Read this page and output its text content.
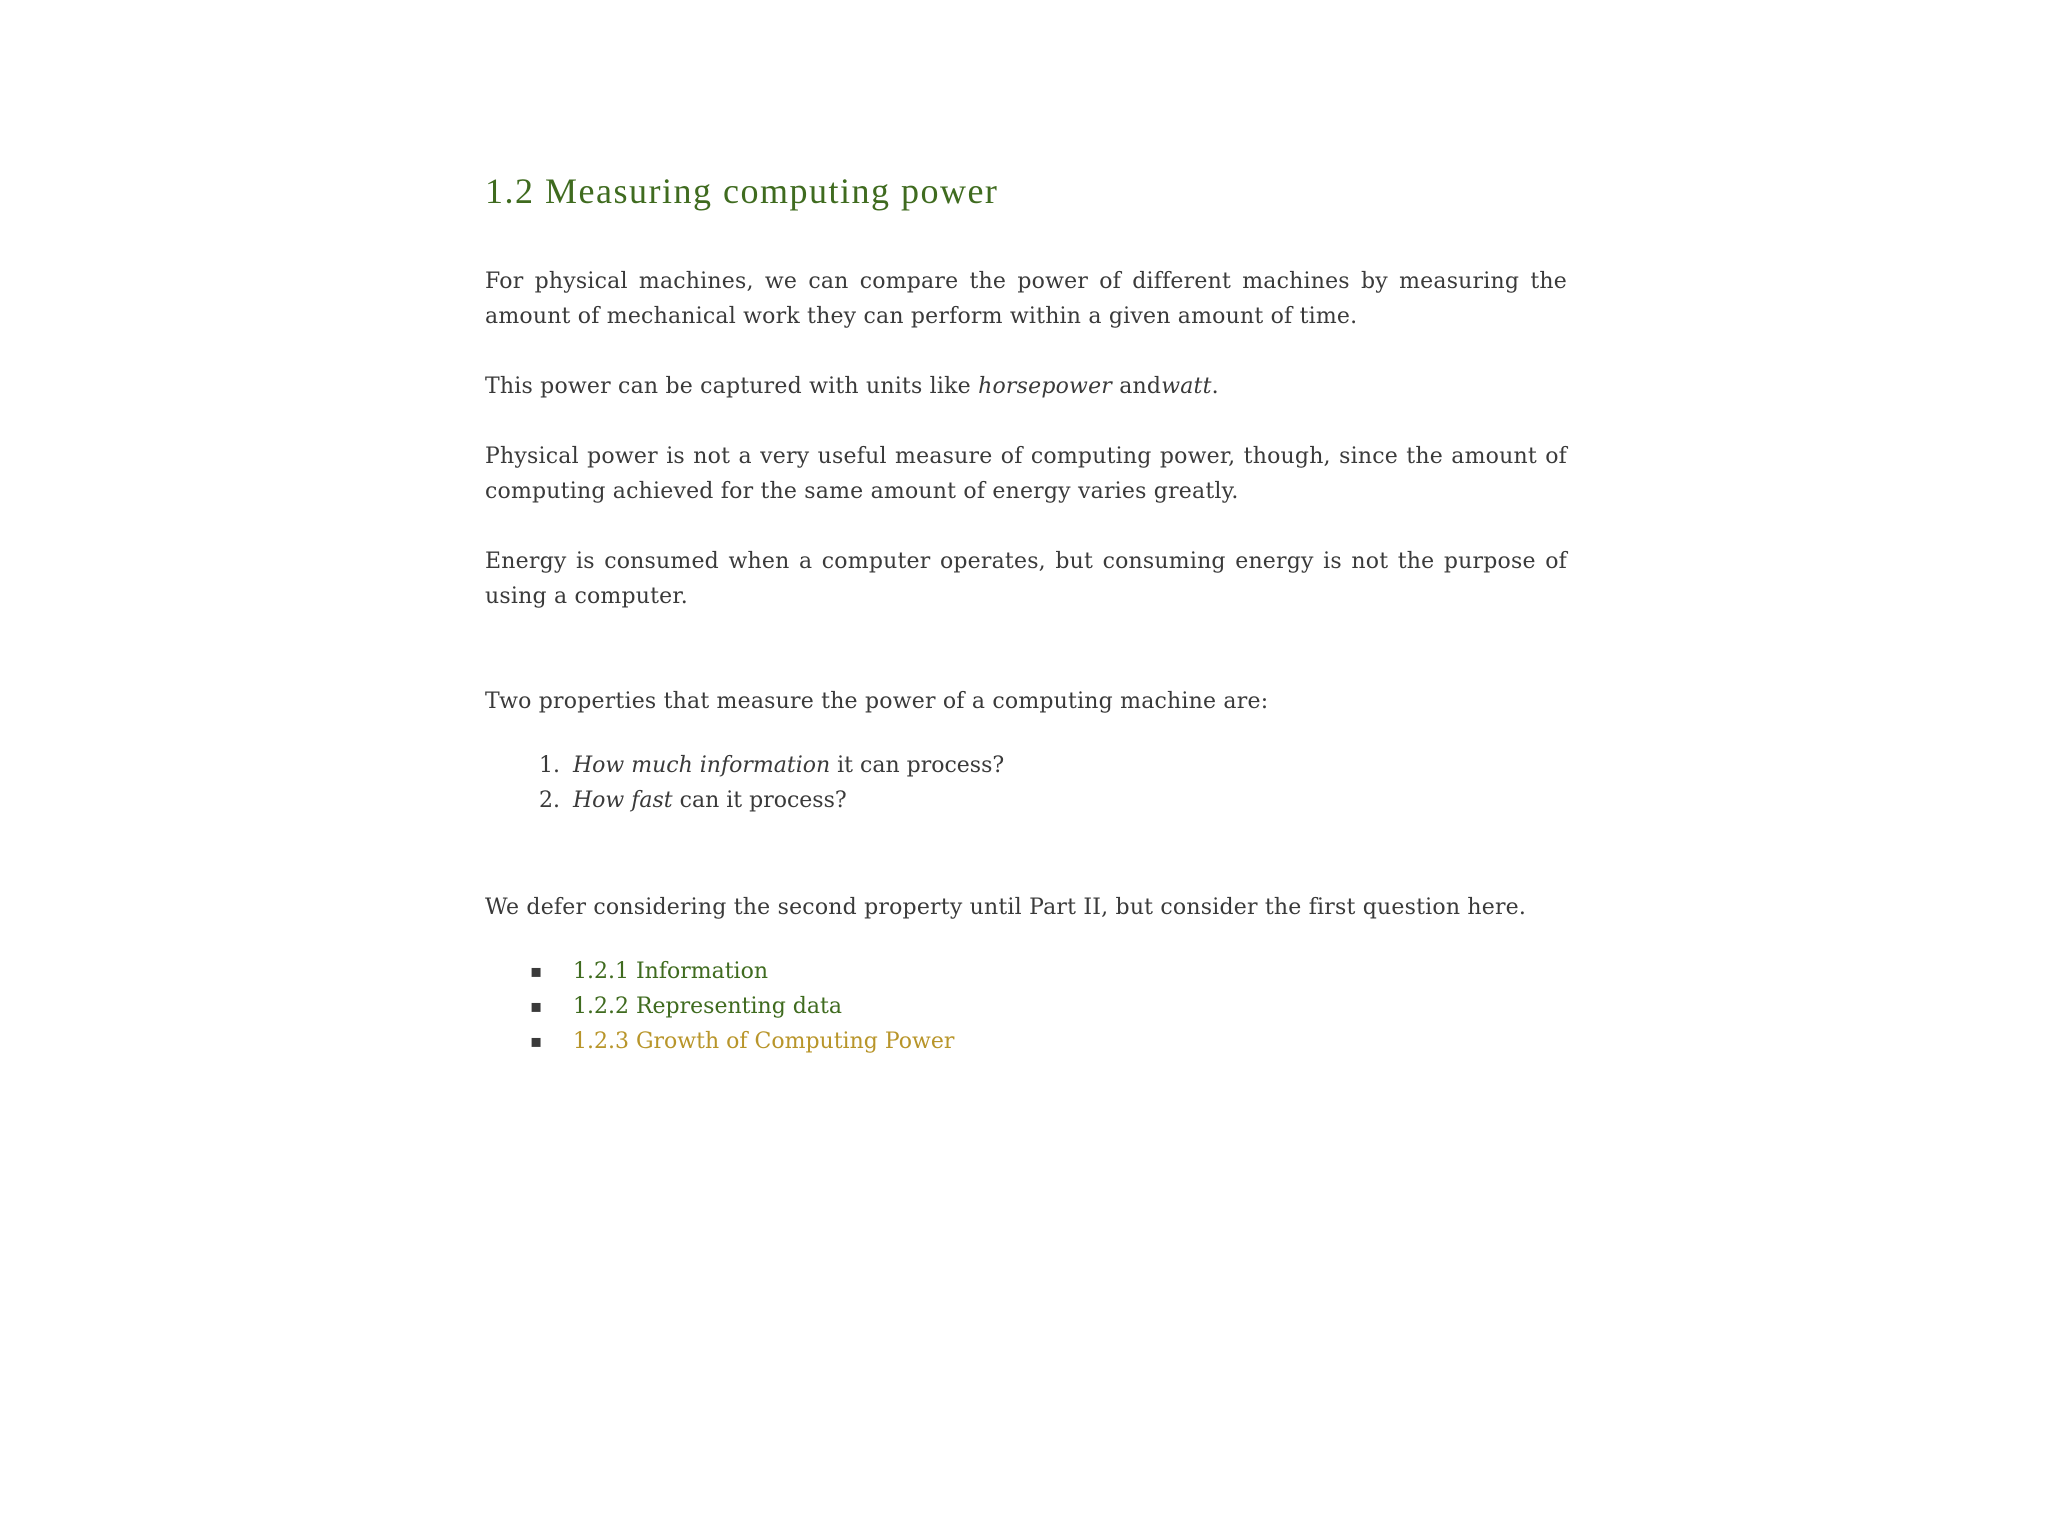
1.2 Measuring computing power

For physical machines, we can compare the power of different machines by measuring the amount of mechanical work they can perform within a given amount of time.

This power can be captured with units like horsepower andwatt.

Physical power is not a very useful measure of computing power, though, since the amount of computing achieved for the same amount of energy varies greatly.

Energy is consumed when a computer operates, but consuming energy is not the purpose of using a computer.

Two properties that measure the power of a computing machine are:

1. How much information it can process?
2. How fast can it process?

We defer considering the second property until Part II, but consider the first question here.

▪ 1.2.1 Information
▪ 1.2.2 Representing data
▪ 1.2.3 Growth of Computing Power
